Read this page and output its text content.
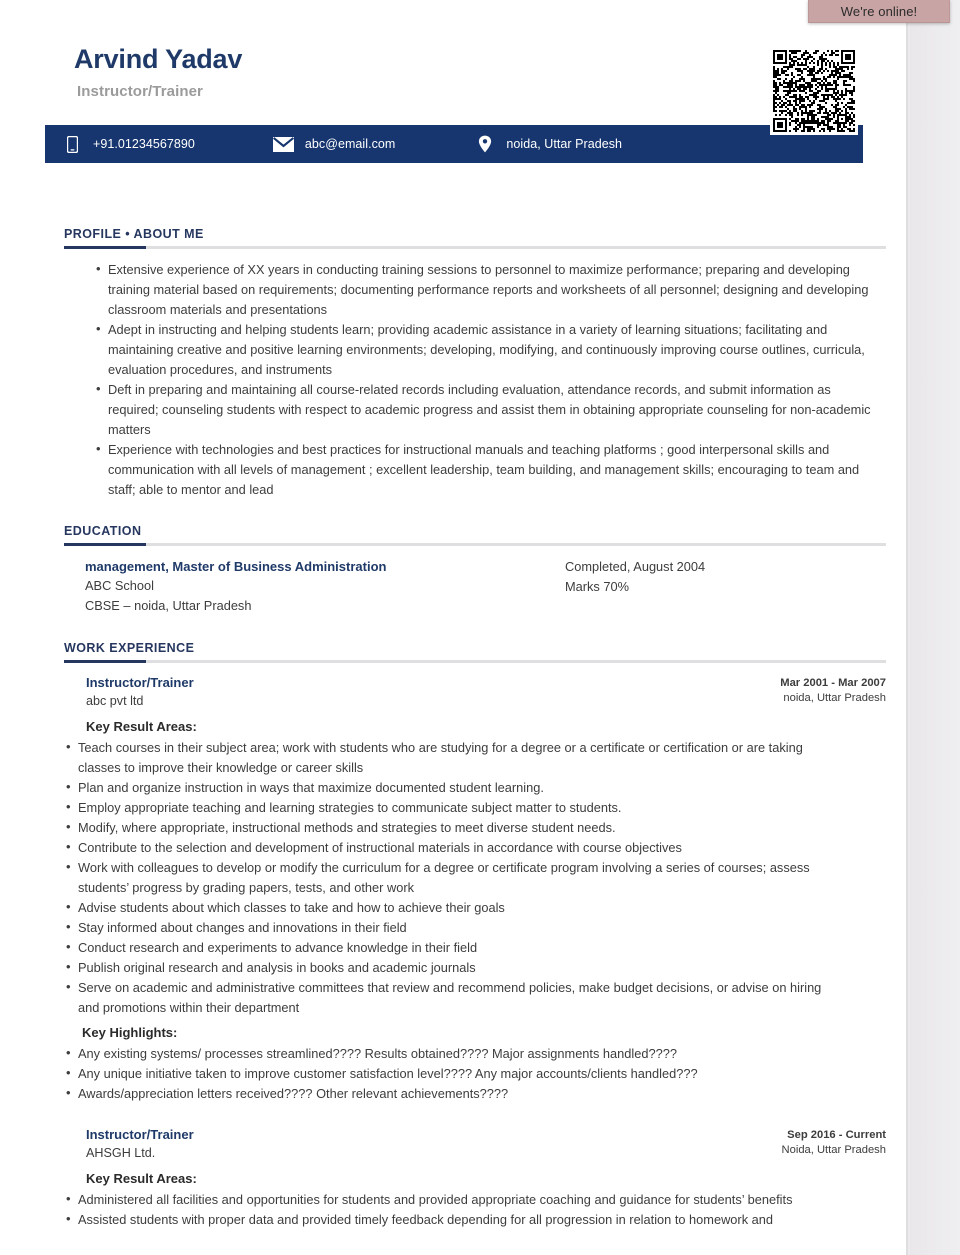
Arvind Yadav
Instructor/Trainer
+91.01234567890	abc@email.com	noida, Uttar Pradesh
PROFILE • ABOUT ME
• Extensive experience of XX years in conducting training sessions to personnel to maximize performance; preparing and developing training material based on requirements; documenting performance reports and worksheets of all personnel; designing and developing classroom materials and presentations
• Adept in instructing and helping students learn; providing academic assistance in a variety of learning situations; facilitating and maintaining creative and positive learning environments; developing, modifying, and continuously improving course outlines, curricula, evaluation procedures, and instruments
• Deft in preparing and maintaining all course-related records including evaluation, attendance records, and submit information as required; counseling students with respect to academic progress and assist them in obtaining appropriate counseling for non-academic matters
• Experience with technologies and best practices for instructional manuals and teaching platforms ; good interpersonal skills and communication with all levels of management ; excellent leadership, team building, and management skills; encouraging to team and staff; able to mentor and lead
EDUCATION
management, Master of Business Administration
ABC School
CBSE – noida, Uttar Pradesh
Completed, August 2004
Marks 70%
WORK EXPERIENCE
Instructor/Trainer
abc pvt ltd
Mar 2001 - Mar 2007
noida, Uttar Pradesh
Key Result Areas:
• Teach courses in their subject area; work with students who are studying for a degree or a certificate or certification or are taking classes to improve their knowledge or career skills
• Plan and organize instruction in ways that maximize documented student learning.
• Employ appropriate teaching and learning strategies to communicate subject matter to students.
• Modify, where appropriate, instructional methods and strategies to meet diverse student needs.
• Contribute to the selection and development of instructional materials in accordance with course objectives
• Work with colleagues to develop or modify the curriculum for a degree or certificate program involving a series of courses; assess students’ progress by grading papers, tests, and other work
• Advise students about which classes to take and how to achieve their goals
• Stay informed about changes and innovations in their field
• Conduct research and experiments to advance knowledge in their field
• Publish original research and analysis in books and academic journals
• Serve on academic and administrative committees that review and recommend policies, make budget decisions, or advise on hiring and promotions within their department
Key Highlights:
• Any existing systems/ processes streamlined???? Results obtained???? Major assignments handled????
• Any unique initiative taken to improve customer satisfaction level???? Any major accounts/clients handled???
• Awards/appreciation letters received???? Other relevant achievements????
Instructor/Trainer
AHSGH Ltd.
Sep 2016 - Current
Noida, Uttar Pradesh
Key Result Areas:
• Administered all facilities and opportunities for students and provided appropriate coaching and guidance for students’ benefits
• Assisted students with proper data and provided timely feedback depending for all progression in relation to homework and
We're online!
